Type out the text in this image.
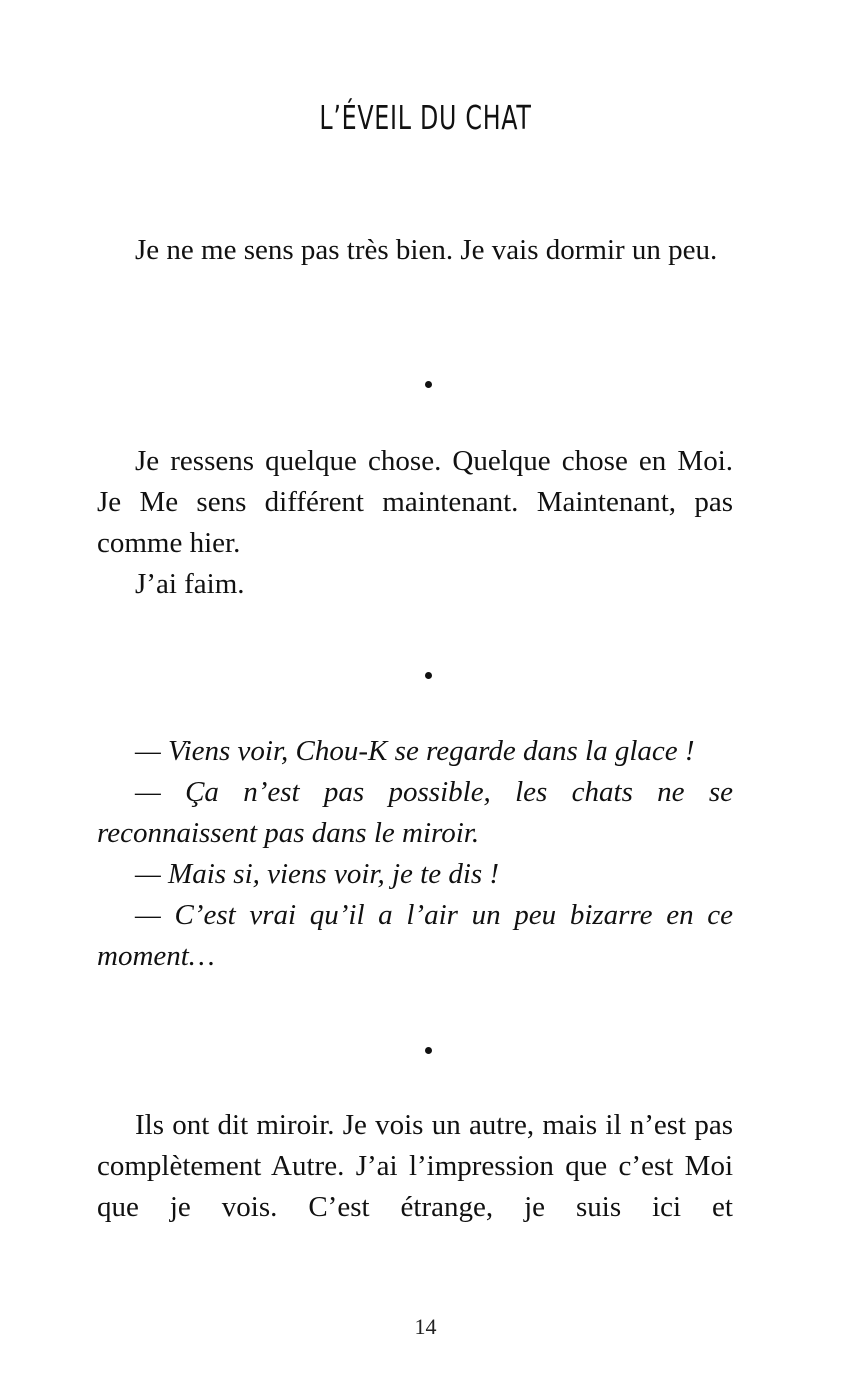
L’ÉVEIL DU CHAT

Je ne me sens pas très bien. Je vais dormir un peu.

Je ressens quelque chose. Quelque chose en Moi. Je Me sens différent maintenant. Maintenant, pas comme hier.

J’ai faim.

— Viens voir, Chou-K se regarde dans la glace !

— Ça n’est pas possible, les chats ne se reconnaissent pas dans le miroir.

— Mais si, viens voir, je te dis !

— C’est vrai qu’il a l’air un peu bizarre en ce moment…

Ils ont dit miroir. Je vois un autre, mais il n’est pas complètement Autre. J’ai l’impression que c’est Moi que je vois. C’est étrange, je suis ici et

14
